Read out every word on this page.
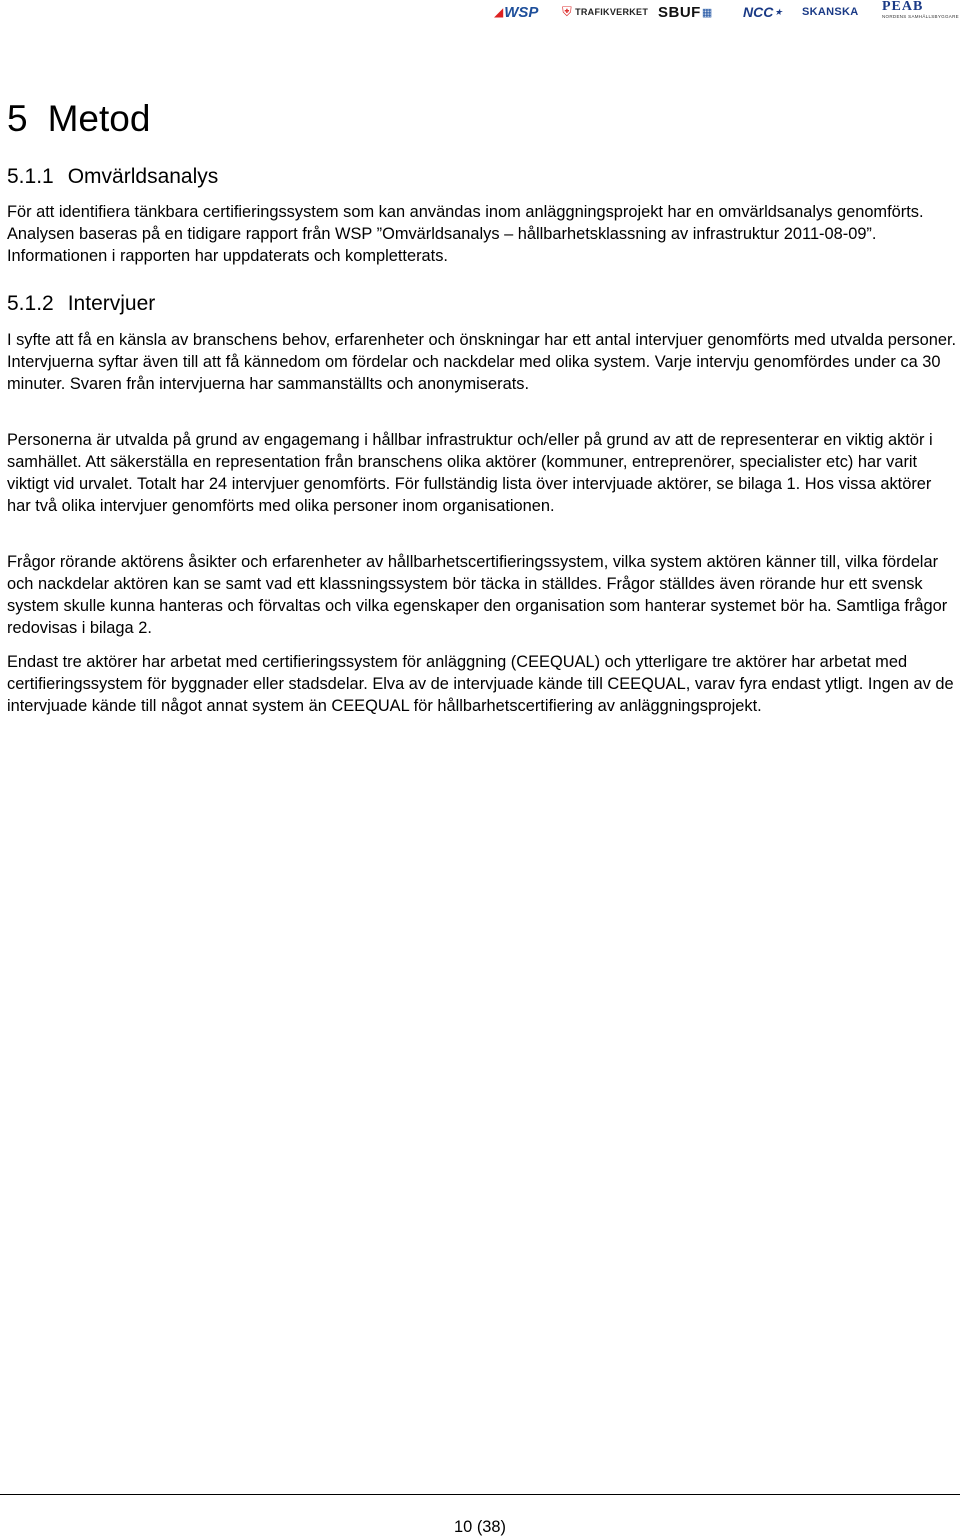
◢ WSP ⛨ TRAFIKVERKET SBUF ▦ NCC ★ SKANSKA PEAB
NORDENS SAMHÄLLSBYGGARE
5 Metod
5.1.1 Omvärldsanalys

För att identifiera tänkbara certifieringssystem som kan användas inom anläggningsprojekt har en omvärldsanalys genomförts. Analysen baseras på en tidigare rapport från WSP ”Omvärldsanalys – hållbarhetsklassning av infrastruktur 2011-08-09”. Informationen i rapporten har uppdaterats och kompletterats.

5.1.2 Intervjuer

I syfte att få en känsla av branschens behov, erfarenheter och önskningar har ett antal intervjuer genomförts med utvalda personer. Intervjuerna syftar även till att få kännedom om fördelar och nackdelar med olika system. Varje intervju genomfördes under ca 30 minuter. Svaren från intervjuerna har sammanställts och anonymiserats.

Personerna är utvalda på grund av engagemang i hållbar infrastruktur och/eller på grund av att de representerar en viktig aktör i samhället. Att säkerställa en representation från branschens olika aktörer (kommuner, entreprenörer, specialister etc) har varit viktigt vid urvalet. Totalt har 24 intervjuer genomförts. För fullständig lista över intervjuade aktörer, se bilaga 1. Hos vissa aktörer har två olika intervjuer genomförts med olika personer inom organisationen.

Frågor rörande aktörens åsikter och erfarenheter av hållbarhetscertifieringssystem, vilka system aktören känner till, vilka fördelar och nackdelar aktören kan se samt vad ett klassningssystem bör täcka in ställdes. Frågor ställdes även rörande hur ett svensk system skulle kunna hanteras och förvaltas och vilka egenskaper den organisation som hanterar systemet bör ha. Samtliga frågor redovisas i bilaga 2.

Endast tre aktörer har arbetat med certifieringssystem för anläggning (CEEQUAL) och ytterligare tre aktörer har arbetat med certifieringssystem för byggnader eller stadsdelar. Elva av de intervjuade kände till CEEQUAL, varav fyra endast ytligt. Ingen av de intervjuade kände till något annat system än CEEQUAL för hållbarhetscertifiering av anläggningsprojekt.

10 (38)
